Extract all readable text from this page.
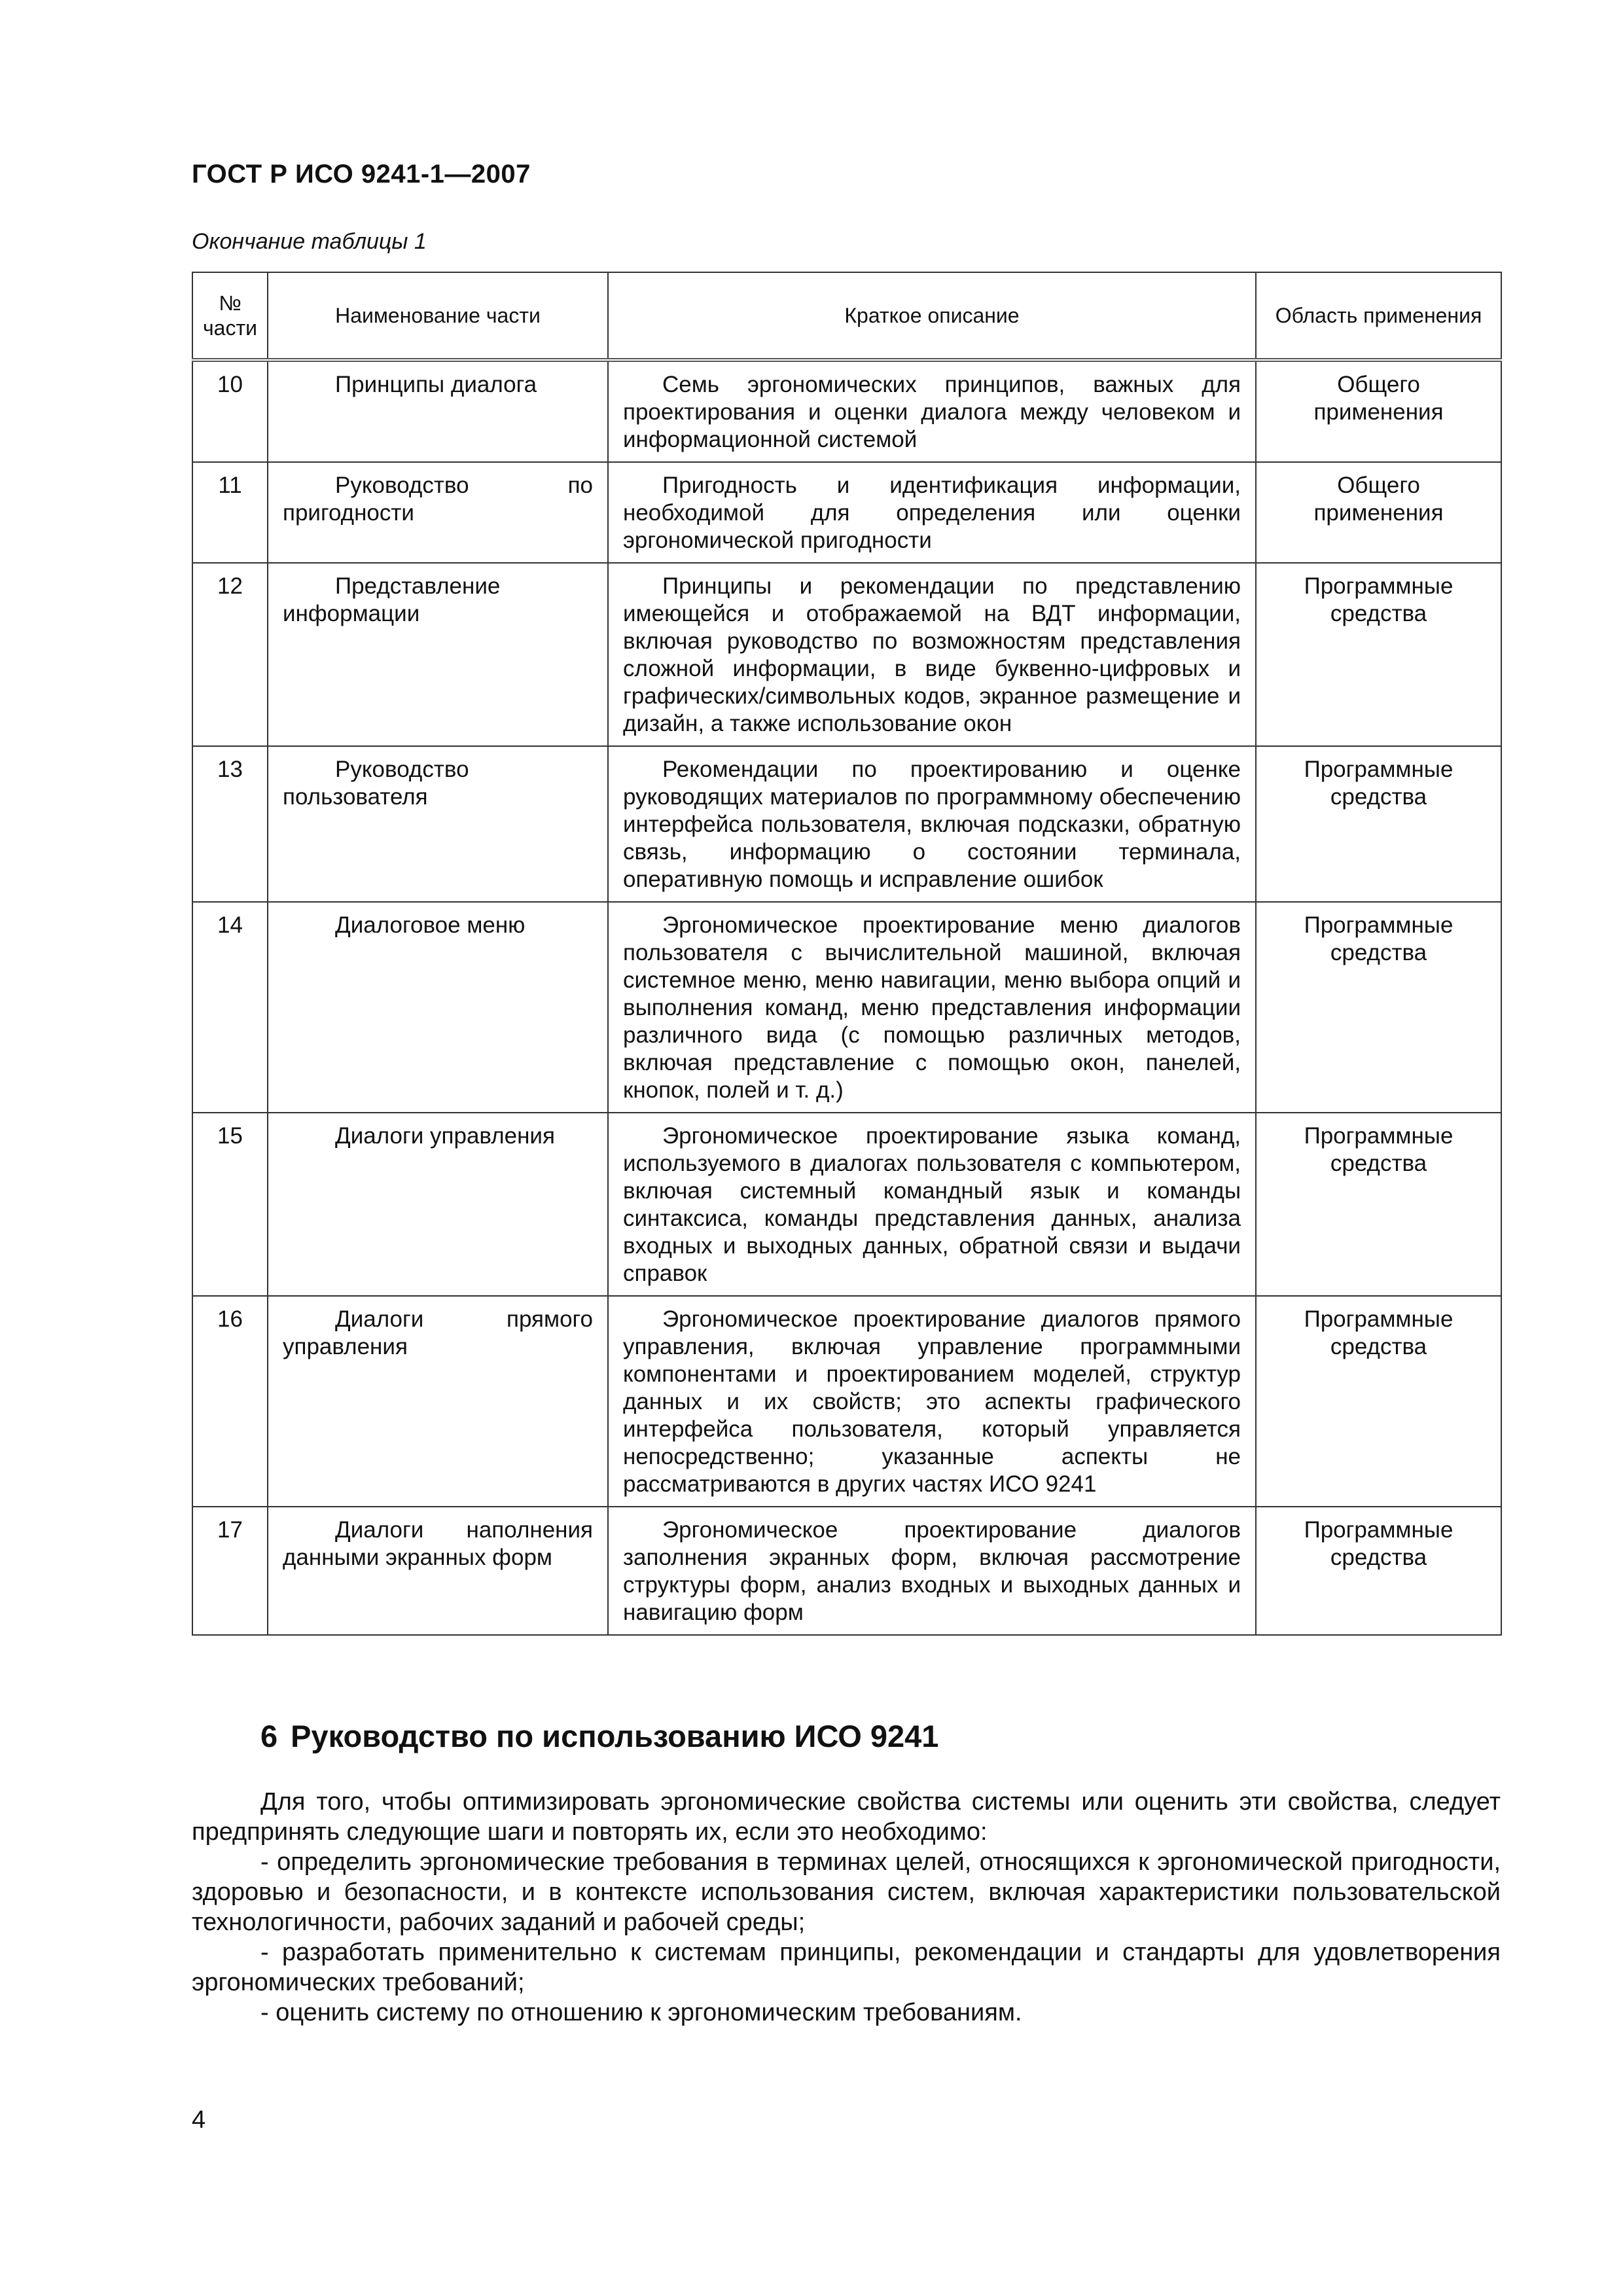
ГОСТ Р ИСО 9241-1—2007
Окончание таблицы 1
№ части	Наименование части	Краткое описание	Область применения
10	Принципы диалога	Семь эргономических принципов, важных для проектирования и оценки диалога между человеком и информационной системой	Общего применения
11	Руководство по пригодности	Пригодность и идентификация информации, необходимой для определения или оценки эргономической пригодности	Общего применения
12	Представление информации	Принципы и рекомендации по представлению имеющейся и отображаемой на ВДТ информации, включая руководство по возможностям представления сложной информации, в виде буквенно-цифровых и графических/символьных кодов, экранное размещение и дизайн, а также использование окон	Программные средства
13	Руководство пользователя	Рекомендации по проектированию и оценке руководящих материалов по программному обеспечению интерфейса пользователя, включая подсказки, обратную связь, информацию о состоянии терминала, оперативную помощь и исправление ошибок	Программные средства
14	Диалоговое меню	Эргономическое проектирование меню диалогов пользователя с вычислительной машиной, включая системное меню, меню навигации, меню выбора опций и выполнения команд, меню представления информации различного вида (с помощью различных методов, включая представление с помощью окон, панелей, кнопок, полей и т. д.)	Программные средства
15	Диалоги управления	Эргономическое проектирование языка команд, используемого в диалогах пользователя с компьютером, включая системный командный язык и команды синтаксиса, команды представления данных, анализа входных и выходных данных, обратной связи и выдачи справок	Программные средства
16	Диалоги прямого управления	Эргономическое проектирование диалогов прямого управления, включая управление программными компонентами и проектированием моделей, структур данных и их свойств; это аспекты графического интерфейса пользователя, который управляется непосредственно; указанные аспекты не рассматриваются в других частях ИСО 9241	Программные средства
17	Диалоги наполнения данными экранных форм	Эргономическое проектирование диалогов заполнения экранных форм, включая рассмотрение структуры форм, анализ входных и выходных данных и навигацию форм	Программные средства
6 Руководство по использованию ИСО 9241

Для того, чтобы оптимизировать эргономические свойства системы или оценить эти свойства, следует предпринять следующие шаги и повторять их, если это необходимо:

- определить эргономические требования в терминах целей, относящихся к эргономической пригодности, здоровью и безопасности, и в контексте использования систем, включая характеристики пользовательской технологичности, рабочих заданий и рабочей среды;

- разработать применительно к системам принципы, рекомендации и стандарты для удовлетворения эргономических требований;

- оценить систему по отношению к эргономическим требованиям.

4
